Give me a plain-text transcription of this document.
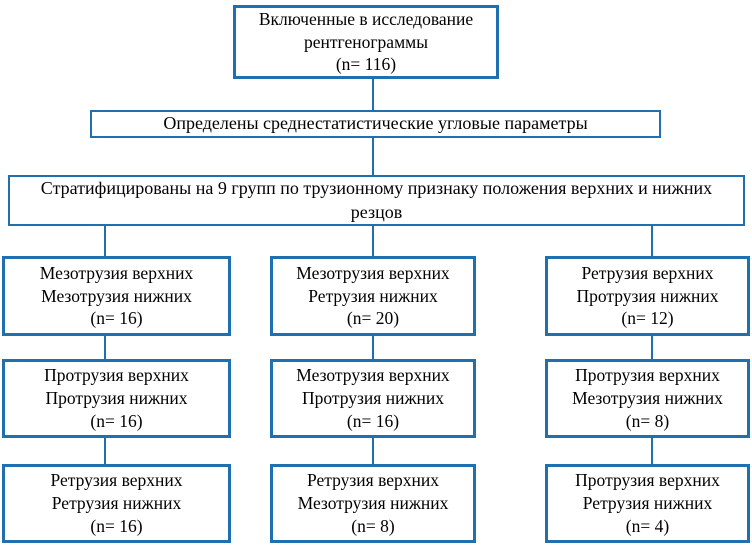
Включенные в исследование
рентгенограммы
(n= 116)
Определены среднестатистические угловые параметры
Стратифицированы на 9 групп по трузионному признаку положения верхних и нижних
резцов
Мезотрузия верхних
Мезотрузия нижних
(n= 16)
Мезотрузия верхних
Ретрузия нижних
(n= 20)
Ретрузия верхних
Протрузия нижних
(n= 12)
Протрузия верхних
Протрузия нижних
(n= 16)
Мезотрузия верхних
Протрузия нижних
(n= 16)
Протрузия верхних
Мезотрузия нижних
(n= 8)
Ретрузия верхних
Ретрузия нижних
(n= 16)
Ретрузия верхних
Мезотрузия нижних
(n= 8)
Протрузия верхних
Ретрузия нижних
(n= 4)
